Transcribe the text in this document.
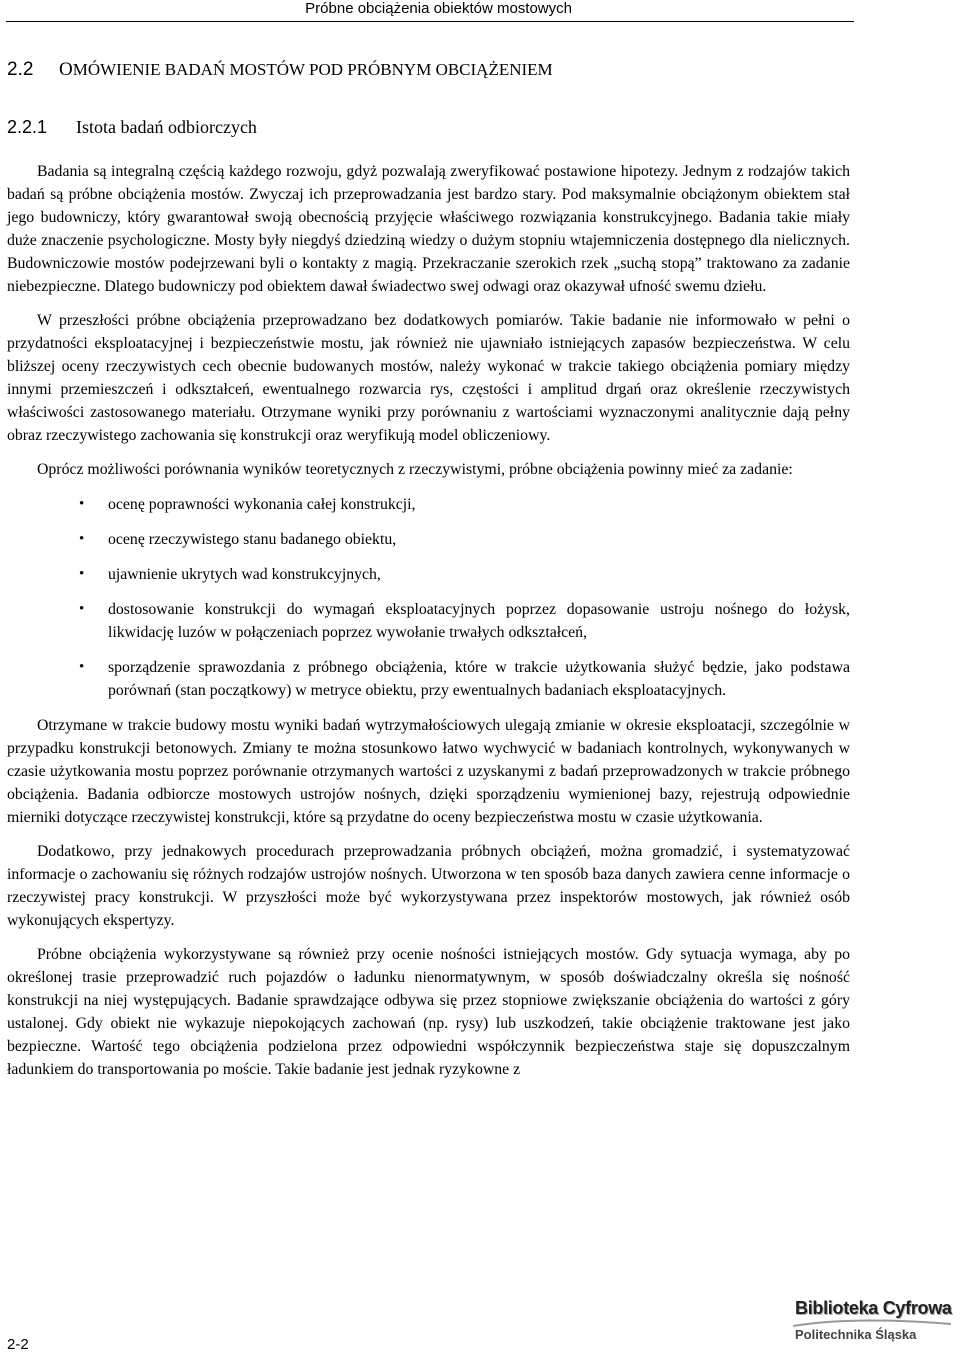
Próbne obciążenia obiektów mostowych
2.2 OMÓWIENIE BADAŃ MOSTÓW POD PRÓBNYM OBCIĄŻENIEM
2.2.1 Istota badań odbiorczych

Badania są integralną częścią każdego rozwoju, gdyż pozwalają zweryfikować postawione hipotezy. Jednym z rodzajów takich badań są próbne obciążenia mostów. Zwyczaj ich przeprowadzania jest bardzo stary. Pod maksymalnie obciążonym obiektem stał jego budowniczy, który gwarantował swoją obecnością przyjęcie właściwego rozwiązania konstrukcyjnego. Badania takie miały duże znaczenie psychologiczne. Mosty były niegdyś dziedziną wiedzy o dużym stopniu wtajemniczenia dostępnego dla nielicznych. Budowniczowie mostów podejrzewani byli o kontakty z magią. Przekraczanie szerokich rzek „suchą stopą” traktowano za zadanie niebezpieczne. Dlatego budowniczy pod obiektem dawał świadectwo swej odwagi oraz okazywał ufność swemu dziełu.

W przeszłości próbne obciążenia przeprowadzano bez dodatkowych pomiarów. Takie badanie nie informowało w pełni o przydatności eksploatacyjnej i bezpieczeństwie mostu, jak również nie ujawniało istniejących zapasów bezpieczeństwa. W celu bliższej oceny rzeczywistych cech obecnie budowanych mostów, należy wykonać w trakcie takiego obciążenia pomiary między innymi przemieszczeń i odkształceń, ewentualnego rozwarcia rys, częstości i amplitud drgań oraz określenie rzeczywistych właściwości zastosowanego materiału. Otrzymane wyniki przy porównaniu z wartościami wyznaczonymi analitycznie dają pełny obraz rzeczywistego zachowania się konstrukcji oraz weryfikują model obliczeniowy.

Oprócz możliwości porównania wyników teoretycznych z rzeczywistymi, próbne obciążenia powinny mieć za zadanie:

• ocenę poprawności wykonania całej konstrukcji,
• ocenę rzeczywistego stanu badanego obiektu,
• ujawnienie ukrytych wad konstrukcyjnych,
• dostosowanie konstrukcji do wymagań eksploatacyjnych poprzez dopasowanie ustroju nośnego do łożysk, likwidację luzów w połączeniach poprzez wywołanie trwałych odkształceń,
• sporządzenie sprawozdania z próbnego obciążenia, które w trakcie użytkowania służyć będzie, jako podstawa porównań (stan początkowy) w metryce obiektu, przy ewentualnych badaniach eksploatacyjnych.

Otrzymane w trakcie budowy mostu wyniki badań wytrzymałościowych ulegają zmianie w okresie eksploatacji, szczególnie w przypadku konstrukcji betonowych. Zmiany te można stosunkowo łatwo wychwycić w badaniach kontrolnych, wykonywanych w czasie użytkowania mostu poprzez porównanie otrzymanych wartości z uzyskanymi z badań przeprowadzonych w trakcie próbnego obciążenia. Badania odbiorcze mostowych ustrojów nośnych, dzięki sporządzeniu wymienionej bazy, rejestrują odpowiednie mierniki dotyczące rzeczywistej konstrukcji, które są przydatne do oceny bezpieczeństwa mostu w czasie użytkowania.

Dodatkowo, przy jednakowych procedurach przeprowadzania próbnych obciążeń, można gromadzić, i systematyzować informacje o zachowaniu się różnych rodzajów ustrojów nośnych. Utworzona w ten sposób baza danych zawiera cenne informacje o rzeczywistej pracy konstrukcji. W przyszłości może być wykorzystywana przez inspektorów mostowych, jak również osób wykonujących ekspertyzy.

Próbne obciążenia wykorzystywane są również przy ocenie nośności istniejących mostów. Gdy sytuacja wymaga, aby po określonej trasie przeprowadzić ruch pojazdów o ładunku nienormatywnym, w sposób doświadczalny określa się nośność konstrukcji na niej występujących. Badanie sprawdzające odbywa się przez stopniowe zwiększanie obciążenia do wartości z góry ustalonej. Gdy obiekt nie wykazuje niepokojących zachowań (np. rysy) lub uszkodzeń, takie obciążenie traktowane jest jako bezpieczne. Wartość tego obciążenia podzielona przez odpowiedni współczynnik bezpieczeństwa staje się dopuszczalnym ładunkiem do transportowania po moście. Takie badanie jest jednak ryzykowne z

2-2
Biblioteka Cyfrowa
Politechnika Śląska
